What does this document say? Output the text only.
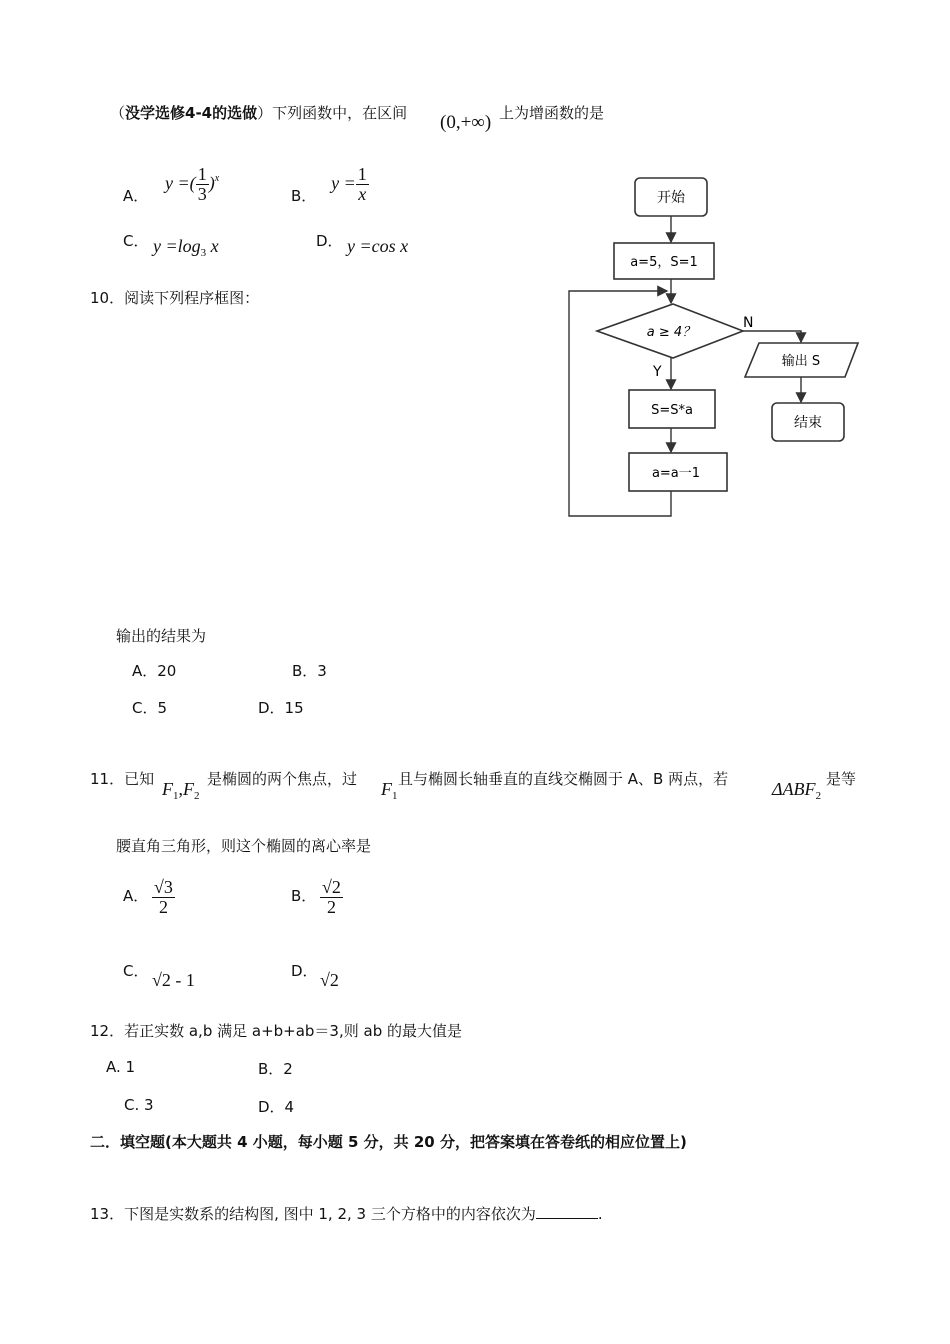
（没学选修4-4的选做）下列函数中，在区间 (0,+∞) 上为增函数的是
A． y =( $\frac{1}{3} )^x$
B． $y = \frac{1}{x}$
C． $y =\log_3$ x	D． y =cos x
10．阅读下列程序框图：
开始
a=5，S=1
a ≥ 4？
N
输出 S
结束
Y
S=S*a
a=a一1
输出的结果为
A．20	B．3
C．5	D．15
11．已知 $F_1,F_2$
是椭圆的两个焦点，过 $F_1$
且与椭圆长轴垂直的直线交椭圆于 A、B 两点，若 $\Delta ABF_2$
是等
腰直角三角形，则这个椭圆的离心率是
A． $\frac{√3}{2}$	B． $\frac{√2}{2}$
C． √2 - 1	D． √2
12．若正实数 a,b 满足 a+b+ab＝3,则 ab 的最大值是
A. 1	B．2
C. 3	D．4
二．填空题(本大题共 4 小题，每小题 5 分，共 20 分，把答案填在答卷纸的相应位置上)
13．下图是实数系的结构图, 图中 1, 2, 3 三个方格中的内容依次为	.
